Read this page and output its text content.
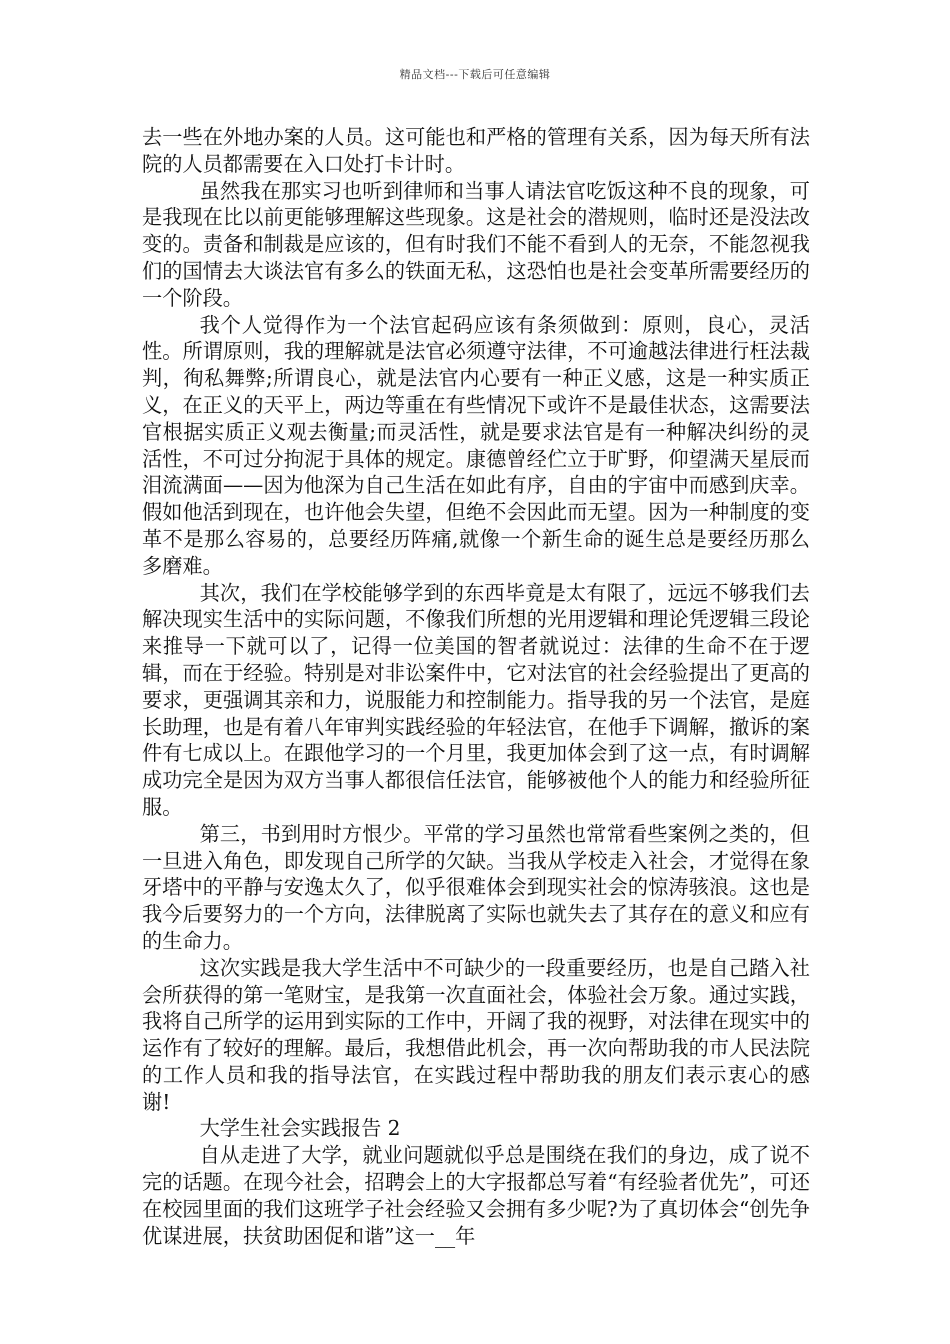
精品文档---下载后可任意编辑

去一些在外地办案的人员。这可能也和严格的管理有关系，因为每天所有法院的人员都需要在入口处打卡计时。

虽然我在那实习也听到律师和当事人请法官吃饭这种不良的现象，可是我现在比以前更能够理解这些现象。这是社会的潜规则，临时还是没法改变的。责备和制裁是应该的，但有时我们不能不看到人的无奈，不能忽视我们的国情去大谈法官有多么的铁面无私，这恐怕也是社会变革所需要经历的一个阶段。

我个人觉得作为一个法官起码应该有条须做到：原则，良心，灵活性。所谓原则，我的理解就是法官必须遵守法律，不可逾越法律进行枉法裁判，徇私舞弊;所谓良心，就是法官内心要有一种正义感，这是一种实质正义，在正义的天平上，两边等重在有些情况下或许不是最佳状态，这需要法官根据实质正义观去衡量;而灵活性，就是要求法官是有一种解决纠纷的灵活性，不可过分拘泥于具体的规定。康德曾经伫立于旷野，仰望满天星辰而泪流满面——因为他深为自己生活在如此有序，自由的宇宙中而感到庆幸。假如他活到现在，也许他会失望，但绝不会因此而无望。因为一种制度的变革不是那么容易的，总要经历阵痛,就像一个新生命的诞生总是要经历那么多磨难。

其次，我们在学校能够学到的东西毕竟是太有限了，远远不够我们去解决现实生活中的实际问题，不像我们所想的光用逻辑和理论凭逻辑三段论来推导一下就可以了，记得一位美国的智者就说过：法律的生命不在于逻辑，而在于经验。特别是对非讼案件中，它对法官的社会经验提出了更高的要求，更强调其亲和力，说服能力和控制能力。指导我的另一个法官，是庭长助理，也是有着八年审判实践经验的年轻法官，在他手下调解，撤诉的案件有七成以上。在跟他学习的一个月里，我更加体会到了这一点，有时调解成功完全是因为双方当事人都很信任法官，能够被他个人的能力和经验所征服。

第三，书到用时方恨少。平常的学习虽然也常常看些案例之类的，但一旦进入角色，即发现自己所学的欠缺。当我从学校走入社会，才觉得在象牙塔中的平静与安逸太久了，似乎很难体会到现实社会的惊涛骇浪。这也是我今后要努力的一个方向，法律脱离了实际也就失去了其存在的意义和应有的生命力。

这次实践是我大学生活中不可缺少的一段重要经历，也是自己踏入社会所获得的第一笔财宝，是我第一次直面社会，体验社会万象。通过实践，我将自己所学的运用到实际的工作中，开阔了我的视野，对法律在现实中的运作有了较好的理解。最后，我想借此机会，再一次向帮助我的市人民法院的工作人员和我的指导法官，在实践过程中帮助我的朋友们表示衷心的感谢!

大学生社会实践报告 2

自从走进了大学，就业问题就似乎总是围绕在我们的身边，成了说不完的话题。在现今社会，招聘会上的大字报都总写着“有经验者优先”，可还在校园里面的我们这班学子社会经验又会拥有多少呢?为了真切体会“创先争优谋进展，扶贫助困促和谐”这一__年
